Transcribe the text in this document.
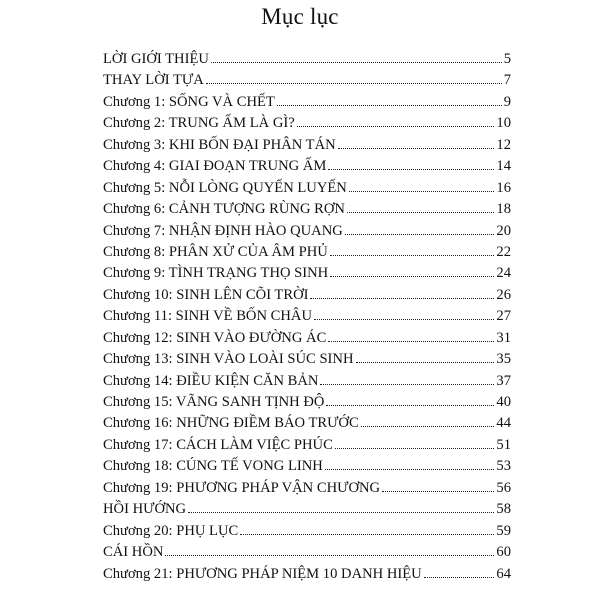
Mục lục
LỜI GIỚI THIỆU	5
THAY LỜI TỰA	7
Chương 1: SỐNG VÀ CHẾT	9
Chương 2: TRUNG ẤM LÀ GÌ?	10
Chương 3: KHI BỐN ĐẠI PHÂN TÁN	12
Chương 4: GIAI ĐOẠN TRUNG ẤM	14
Chương 5: NỖI LÒNG QUYẾN LUYẾN	16
Chương 6: CẢNH TƯỢNG RÙNG RỢN	18
Chương 7: NHẬN ĐỊNH HÀO QUANG	20
Chương 8: PHÂN XỬ CỦA ÂM PHỦ	22
Chương 9: TÌNH TRẠNG THỌ SINH	24
Chương 10: SINH LÊN CÕI TRỜI	26
Chương 11: SINH VỀ BỐN CHÂU	27
Chương 12: SINH VÀO ĐƯỜNG ÁC	31
Chương 13: SINH VÀO LOÀI SÚC SINH	35
Chương 14: ĐIỀU KIỆN CĂN BẢN	37
Chương 15: VÃNG SANH TỊNH ĐỘ	40
Chương 16: NHỮNG ĐIỀM BÁO TRƯỚC	44
Chương 17: CÁCH LÀM VIỆC PHÚC	51
Chương 18: CÚNG TẾ VONG LINH	53
Chương 19: PHƯƠNG PHÁP VẬN CHƯƠNG	56
HỒI HƯỚNG	58
Chương 20: PHỤ LỤC	59
CÁI HỒN	60
Chương 21: PHƯƠNG PHÁP NIỆM 10 DANH HIỆU	64
